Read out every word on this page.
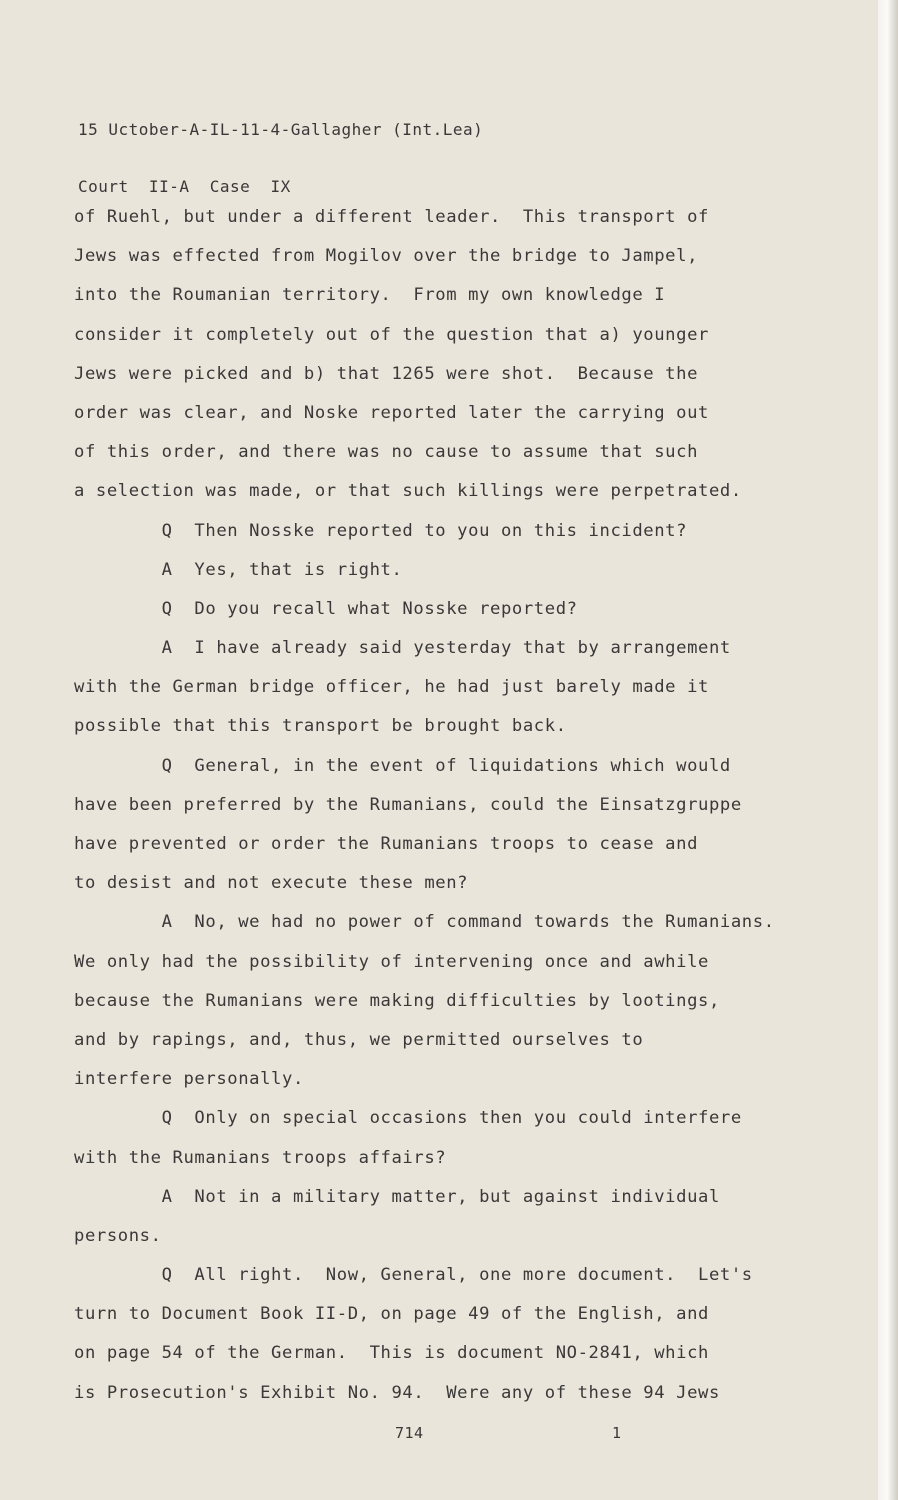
15 Uctober-A-IL-11-4-Gallagher (Int.Lea)

Court  II-A  Case  IX

of Ruehl, but under a different leader.  This transport of
Jews was effected from Mogilov over the bridge to Jampel,
into the Roumanian territory.  From my own knowledge I
consider it completely out of the question that a) younger
Jews were picked and b) that 1265 were shot.  Because the
order was clear, and Noske reported later the carrying out
of this order, and there was no cause to assume that such
a selection was made, or that such killings were perpetrated.
Q  Then Nosske reported to you on this incident?
A  Yes, that is right.
Q  Do you recall what Nosske reported?
A  I have already said yesterday that by arrangement
with the German bridge officer, he had just barely made it
possible that this transport be brought back.
Q  General, in the event of liquidations which would
have been preferred by the Rumanians, could the Einsatzgruppe
have prevented or order the Rumanians troops to cease and
to desist and not execute these men?
A  No, we had no power of command towards the Rumanians.
We only had the possibility of intervening once and awhile
because the Rumanians were making difficulties by lootings,
and by rapings, and, thus, we permitted ourselves to
interfere personally.
Q  Only on special occasions then you could interfere
with the Rumanians troops affairs?
A  Not in a military matter, but against individual
persons.
Q  All right.  Now, General, one more document.  Let's
turn to Document Book II-D, on page 49 of the English, and
on page 54 of the German.  This is document NO-2841, which
is Prosecution's Exhibit No. 94.  Were any of these 94 Jews
714	1
